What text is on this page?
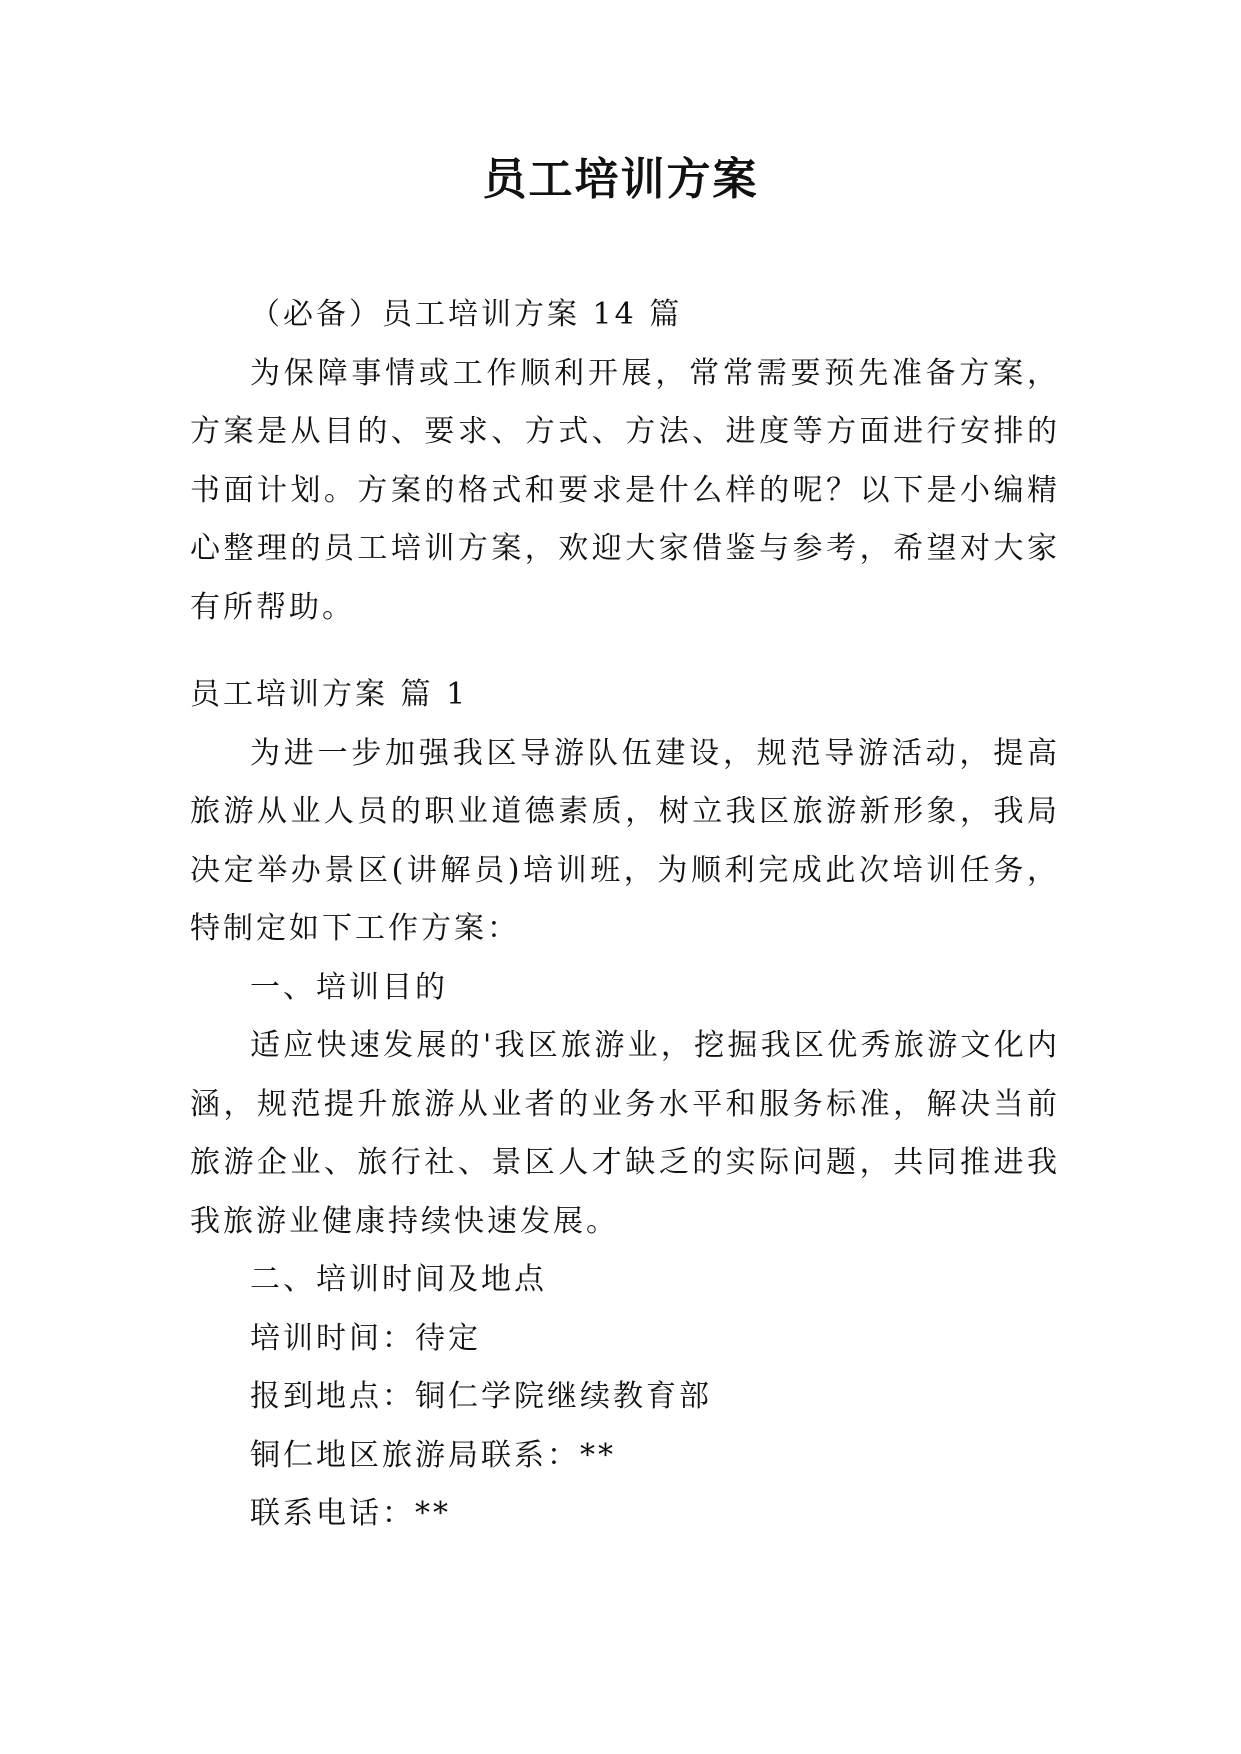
员工培训方案

（必备）员工培训方案 14 篇

为保障事情或工作顺利开展，常常需要预先准备方案，方案是从目的、要求、方式、方法、进度等方面进行安排的书面计划。方案的格式和要求是什么样的呢？以下是小编精心整理的员工培训方案，欢迎大家借鉴与参考，希望对大家有所帮助。

员工培训方案 篇 1

为进一步加强我区导游队伍建设，规范导游活动，提高旅游从业人员的职业道德素质，树立我区旅游新形象，我局决定举办景区(讲解员)培训班，为顺利完成此次培训任务，特制定如下工作方案：

一、培训目的

适应快速发展的'我区旅游业，挖掘我区优秀旅游文化内涵，规范提升旅游从业者的业务水平和服务标准，解决当前旅游企业、旅行社、景区人才缺乏的实际问题，共同推进我我旅游业健康持续快速发展。

二、培训时间及地点

培训时间：待定

报到地点：铜仁学院继续教育部

铜仁地区旅游局联系：**

联系电话：**
